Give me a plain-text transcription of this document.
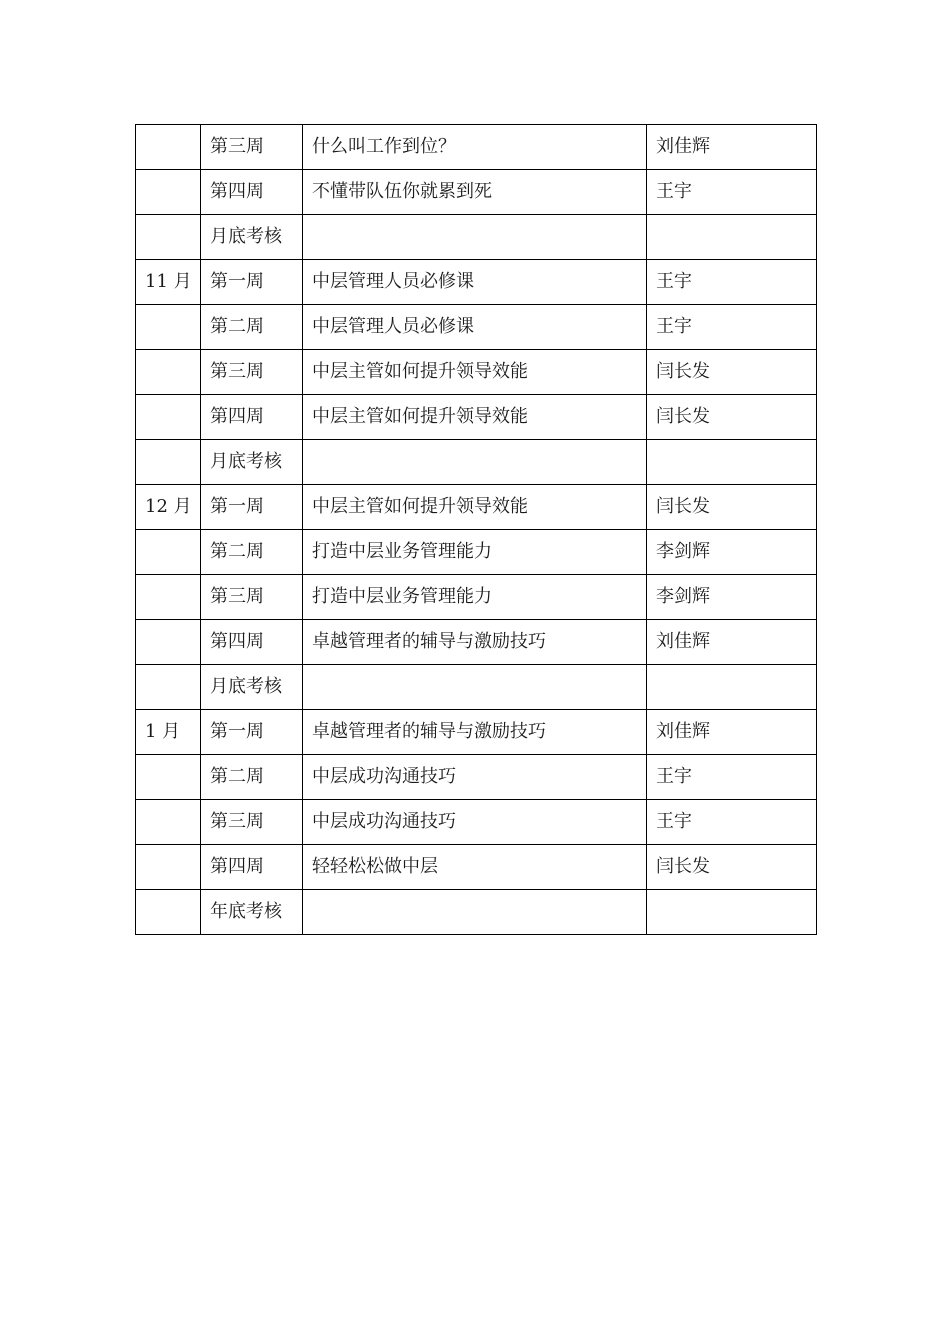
	第三周	什么叫工作到位？	刘佳辉
	第四周	不懂带队伍你就累到死	王宇
	月底考核		
11 月	第一周	中层管理人员必修课	王宇
	第二周	中层管理人员必修课	王宇
	第三周	中层主管如何提升领导效能	闫长发
	第四周	中层主管如何提升领导效能	闫长发
	月底考核		
12 月	第一周	中层主管如何提升领导效能	闫长发
	第二周	打造中层业务管理能力	李剑辉
	第三周	打造中层业务管理能力	李剑辉
	第四周	卓越管理者的辅导与激励技巧	刘佳辉
	月底考核		
1 月	第一周	卓越管理者的辅导与激励技巧	刘佳辉
	第二周	中层成功沟通技巧	王宇
	第三周	中层成功沟通技巧	王宇
	第四周	轻轻松松做中层	闫长发
	年底考核		
